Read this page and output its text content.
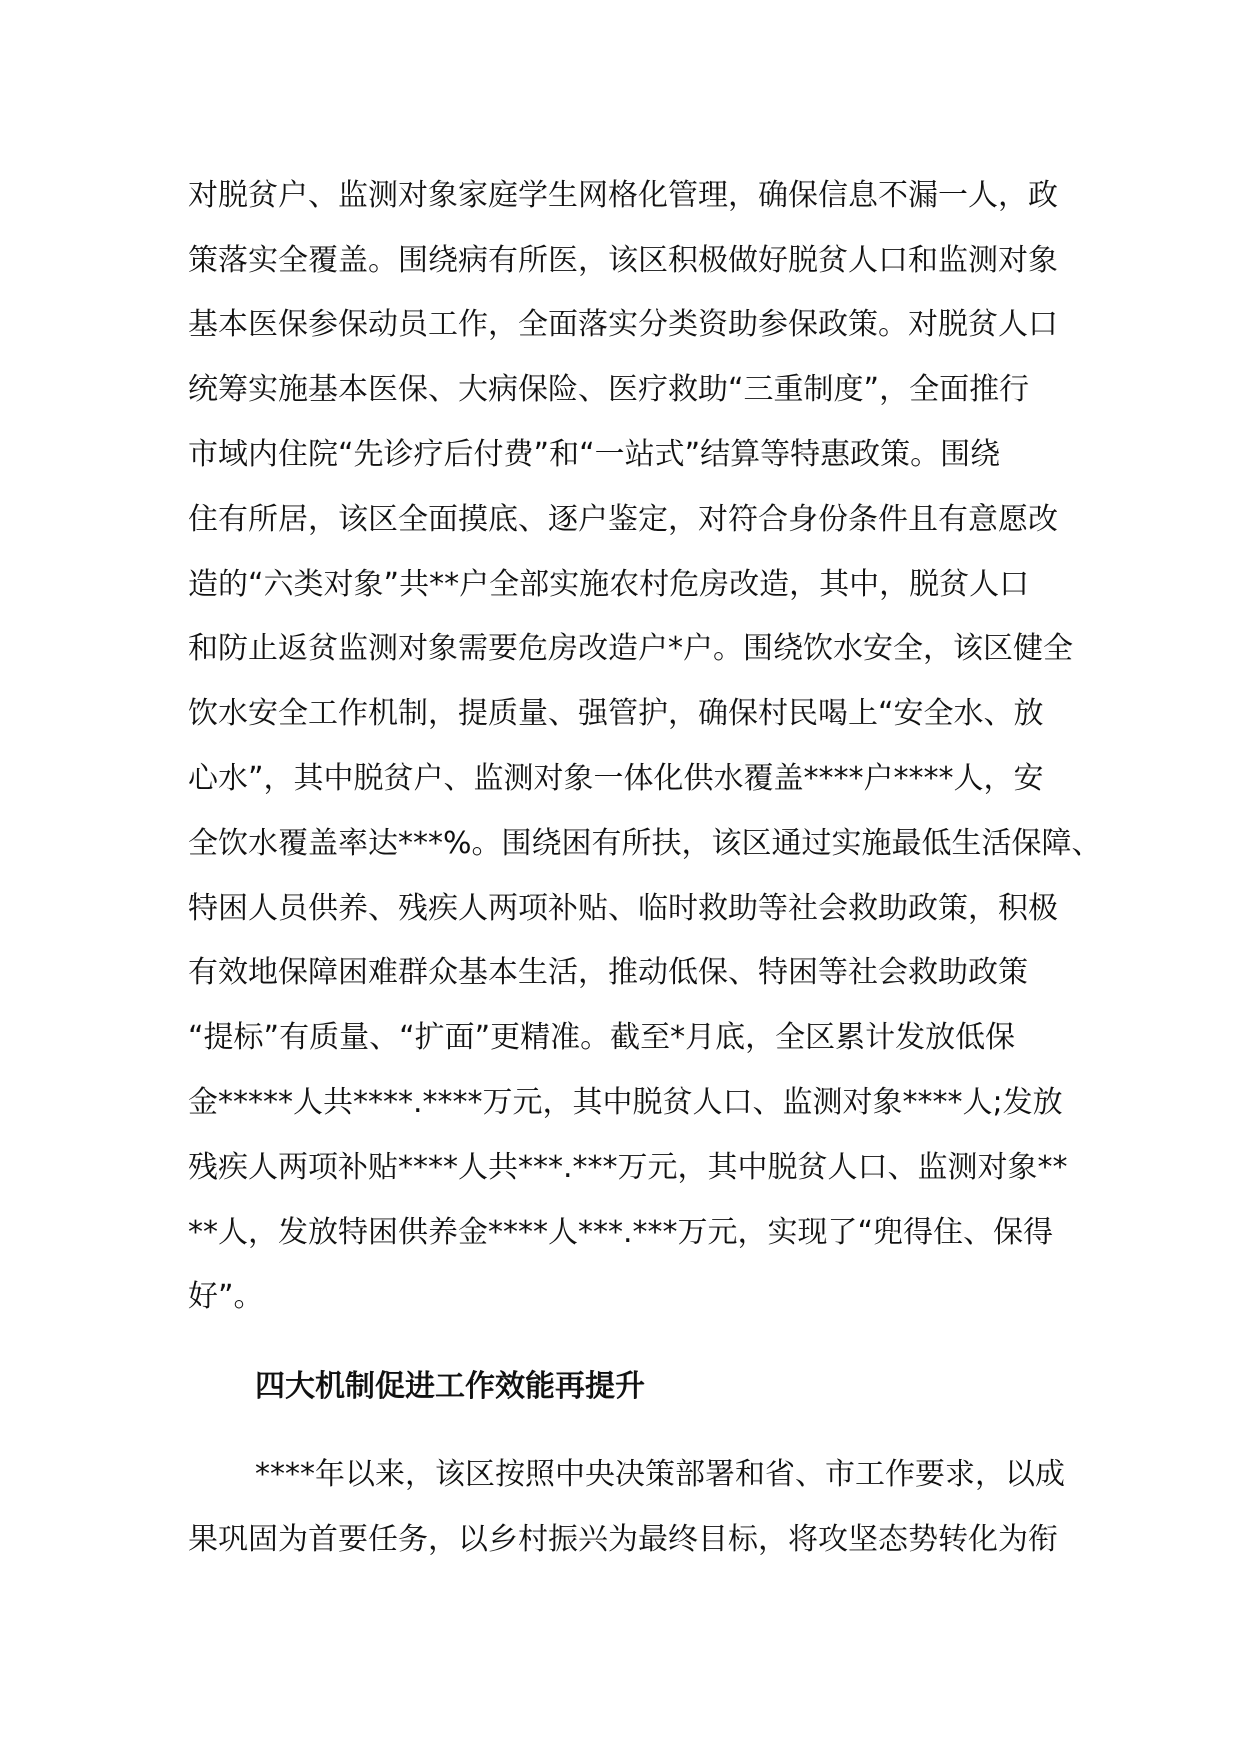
对脱贫户、监测对象家庭学生网格化管理，确保信息不漏一人，政
策落实全覆盖。围绕病有所医，该区积极做好脱贫人口和监测对象
基本医保参保动员工作，全面落实分类资助参保政策。对脱贫人口
统筹实施基本医保、大病保险、医疗救助“三重制度”，全面推行
市域内住院“先诊疗后付费”和“一站式”结算等特惠政策。围绕
住有所居，该区全面摸底、逐户鉴定，对符合身份条件且有意愿改
造的“六类对象”共**户全部实施农村危房改造，其中，脱贫人口
和防止返贫监测对象需要危房改造户*户。围绕饮水安全，该区健全
饮水安全工作机制，提质量、强管护，确保村民喝上“安全水、放
心水”，其中脱贫户、监测对象一体化供水覆盖****户****人，安
全饮水覆盖率达***%。围绕困有所扶，该区通过实施最低生活保障、
特困人员供养、残疾人两项补贴、临时救助等社会救助政策，积极
有效地保障困难群众基本生活，推动低保、特困等社会救助政策
“提标”有质量、“扩面”更精准。截至*月底，全区累计发放低保
金*****人共****.****万元，其中脱贫人口、监测对象****人;发放
残疾人两项补贴****人共***.***万元，其中脱贫人口、监测对象**
**人，发放特困供养金****人***.***万元，实现了“兜得住、保得
好”。
四大机制促进工作效能再提升
****年以来，该区按照中央决策部署和省、市工作要求，以成
果巩固为首要任务，以乡村振兴为最终目标，将攻坚态势转化为衔
